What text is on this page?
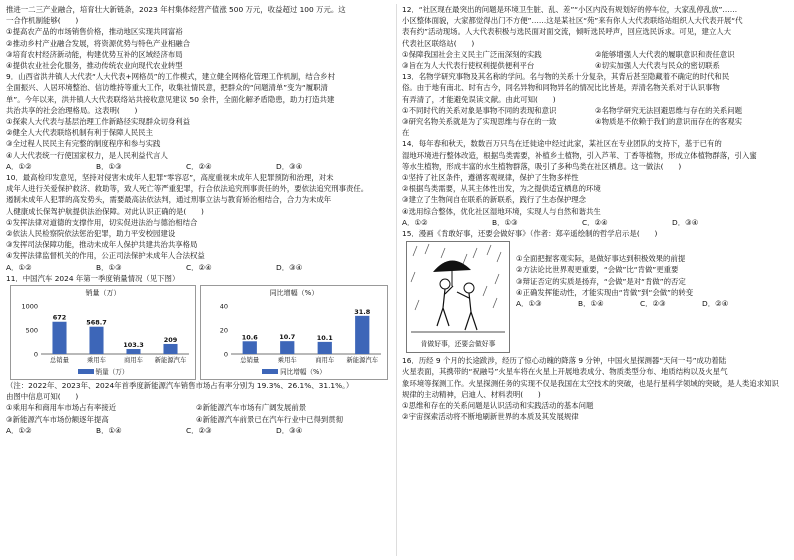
推进一二三产业融合，培育壮大新链条，2023 年村集体经营产值涨 500 万元，收益超过 100 万元。这

一合作机制能够(　　)

①提高农产品的市场销售价格，推动地区实现共同富裕

②推动乡村产业融合发展，将资源优势与特色产业相融合

③培育农村经济新动能，构建优势互补的区域经济布局

④提供农业社会化服务，推动传统农业向现代农业转型

9．山西省洪井镇人大代表“人大代表+网格员”的工作模式，建立健全网格化管理工作机制，结合乡村

全面振兴、人居环境整治、信访维持等重大工作，收集社情民意，把群众的“问题清单”变为“履职清

单”。今年以来，洪井镇人大代表联络站共接收意见建议 50 余件，全面化解矛盾隐患，助力打造共建

共治共享的社会治理格局。这表明(　　)

①探索人大代表与基层治理工作新路径实现群众切身利益

②健全人大代表联络机制有利于保障人民民主

③全过程人民民主有完整的制度程序和参与实践

④人大代表统一行使国家权力，是人民利益代言人

A．①②	B．①③	C．②④	D．③④

10．最高检印发意见，坚持对侵害未成年人犯罪“零容忍”，高度重视未成年人犯罪预防和治理，对未

成年人进行关爱保护救济、救助等，致人死亡等严重犯罪，行合依法追究刑事责任的外，要依法追究刑事责任。

遏制未成年人犯罪的高发势头，需要最高法依法判，通过刑事立法与教育矫治相结合，合力为未成年

人健康成长保驾护航提供法治保障。对此认识正确的是(　　)

①发挥法律对道德的支撑作用，切实促进法治与德治相结合

②依法人民检察院依法惩治犯罪，助力平安校园建设

③发挥司法保障功能，推动未成年人保护共建共治共享格局

④发挥法律监督机关的作用，公正司法保护未成年人合法权益

A．①②	B．①③	C．②④	D．③④

11．中国汽车 2024 年第一季度销量情况（见下图）

销量（万）
1000
500
0
672
总销量
568.7
乘用车
103.3
商用车
209
新能源汽车
销量（万）
同比增幅（%）
40
20
0
10.6
总销量
10.7
乘用车
10.1
商用车
31.8
新能源汽车
同比增幅（%）

（注：2022年、2023年、2024年首季度新能源汽车销售市场占有率分别为 19.3%、26.1%、31.1%。）

由图中信息可知(　　)

①乘用车和商用车市场占有率接近	②新能源汽车市场有广阔发展前景
③新能源汽车市场份额逐年提高	④新能源汽车前景已在汽车行业中已得到贯彻
A．①②	B．①④	C．②③	D．③④

12．“社区现在最突出的问题是环境卫生脏、乱、差”“小区内没有规划好的停车位，大家乱停乱放”……

小区整体面貌，大家都觉得出门不方便”……这是某社区“苑”来有你人大代表联络站组织人大代表开展“代

表有约”活动现场。人大代表积极与选民面对面交流，倾听选民呼声，回应选民诉求。可见，建立人大

代表社区联络站(　　)

①保障我国社会主义民主广泛而深刻的实践	②能够增强人大代表的履职意识和责任意识
③旨在为人大代表行使权利提供便利平台	④切实加强人大代表与民众的密切联系

13．名物学研究事物及其名称的学问。名与物的关系十分复杂，其背后甚至隐藏着不确定的时代和民

俗。由于地有南北、时有古今，同名异物和同物异名的情况比比皆是，弄清名物关系对于认识事物

有弄清了，才能避免误读文献。由此可知(　　)

①不同时代的关系对象是事物不同的表现和意识	②名物学研究无法回避思维与存在的关系问题
③研究名物关系就是为了实现思维与存在的一致	④物质是不依赖于我们的意识而存在的客观实

在

14．每年春和秋天，数数百万只鸟在迁徙途中经过此家，某社区在专业团队的支持下，基于已有的

湿地环境进行整体改造，根据鸟类需要，补植乡土植物，引入芦苇、丁香等植物，形成立体植物群落，引入蜜

等水生植物，形成丰富的水生植物群落，吸引了多种鸟类在社区栖息。这一做法(　　)

①坚持了社区条件，遵循客观规律，保护了生物多样性

②根据鸟类需要，从其主体性出发，为之提供适宜栖息的环境

③建立了生物间自在联系的新联系，践行了生态保护理念

④选用综合整体，优化社区湿地环境，实现人与自然和谐共生

A．①②	B．①③	C．②④	D．③④

15．漫画《肯敢好事，还要会做好事》（作者：郑辛遥绘制的哲学启示是(　　)

肯做好事，还要会做好事

①全面把握客观实际，是做好事达到积极效果的前提

②方法论比世界观更重要，“会做”比“肯做”更重要

③辩证否定的实质是扬弃，“会做”是对“肯做”的否定

④正确发挥能动性，才能实现由“肯做”到“会做”的转变

A．①③	B．①④	C．②③	D．②④

16．历经 9 个月的长途跋涉，经历了惊心动魄的降落 9 分钟，中国火星探测器“天问一号”成功着陆

火星表面，其携带的“祝融号”火星车将在火星上开展地表成分、物质类型分布、地质结构以及火星气

象环境等探测工作。火星探测任务的实现不仅是我国在太空技术的突破，也是行星科学领域的突破，是人类追求知识

规律的主动精神，启迪人、材料表明(　　)

①思维和存在的关系问题是认识活动和实践活动的基本问题

②宇宙探索活动将不断地刷新世界的本质及其发展规律
